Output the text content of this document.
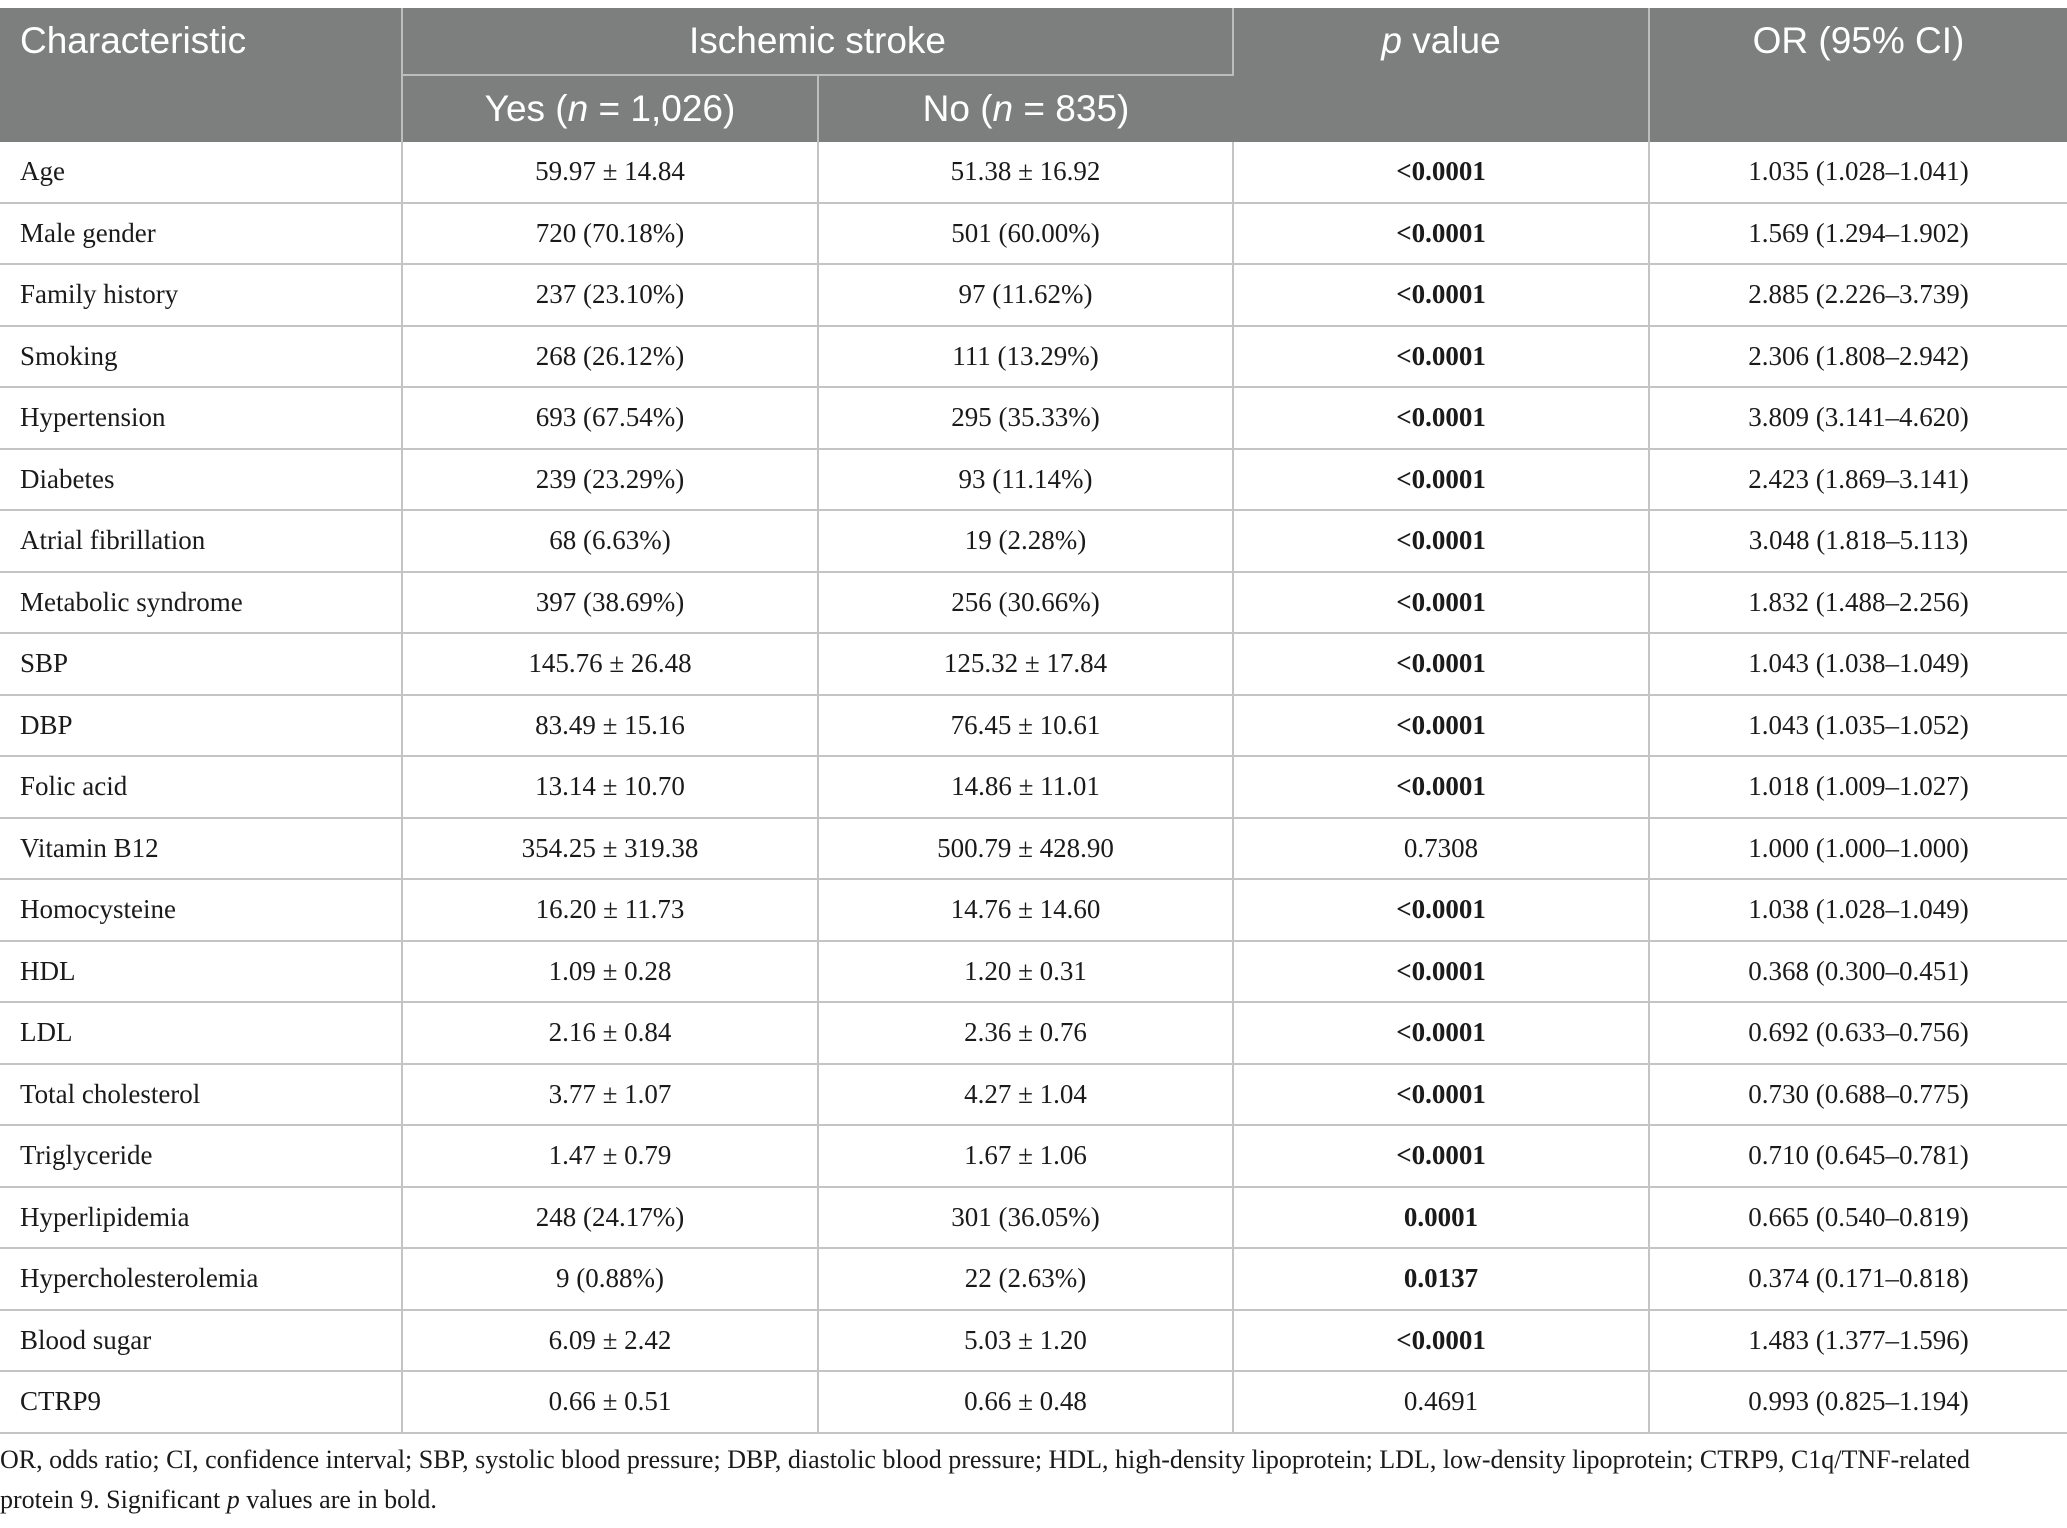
Characteristic	Ischemic stroke		p value	OR (95% CI)
	Yes (n = 1,026)	No (n = 835)		
Age	59.97 ± 14.84	51.38 ± 16.92	<0.0001	1.035 (1.028–1.041)
Male gender	720 (70.18%)	501 (60.00%)	<0.0001	1.569 (1.294–1.902)
Family history	237 (23.10%)	97 (11.62%)	<0.0001	2.885 (2.226–3.739)
Smoking	268 (26.12%)	111 (13.29%)	<0.0001	2.306 (1.808–2.942)
Hypertension	693 (67.54%)	295 (35.33%)	<0.0001	3.809 (3.141–4.620)
Diabetes	239 (23.29%)	93 (11.14%)	<0.0001	2.423 (1.869–3.141)
Atrial fibrillation	68 (6.63%)	19 (2.28%)	<0.0001	3.048 (1.818–5.113)
Metabolic syndrome	397 (38.69%)	256 (30.66%)	<0.0001	1.832 (1.488–2.256)
SBP	145.76 ± 26.48	125.32 ± 17.84	<0.0001	1.043 (1.038–1.049)
DBP	83.49 ± 15.16	76.45 ± 10.61	<0.0001	1.043 (1.035–1.052)
Folic acid	13.14 ± 10.70	14.86 ± 11.01	<0.0001	1.018 (1.009–1.027)
Vitamin B12	354.25 ± 319.38	500.79 ± 428.90	0.7308	1.000 (1.000–1.000)
Homocysteine	16.20 ± 11.73	14.76 ± 14.60	<0.0001	1.038 (1.028–1.049)
HDL	1.09 ± 0.28	1.20 ± 0.31	<0.0001	0.368 (0.300–0.451)
LDL	2.16 ± 0.84	2.36 ± 0.76	<0.0001	0.692 (0.633–0.756)
Total cholesterol	3.77 ± 1.07	4.27 ± 1.04	<0.0001	0.730 (0.688–0.775)
Triglyceride	1.47 ± 0.79	1.67 ± 1.06	<0.0001	0.710 (0.645–0.781)
Hyperlipidemia	248 (24.17%)	301 (36.05%)	0.0001	0.665 (0.540–0.819)
Hypercholesterolemia	9 (0.88%)	22 (2.63%)	0.0137	0.374 (0.171–0.818)
Blood sugar	6.09 ± 2.42	5.03 ± 1.20	<0.0001	1.483 (1.377–1.596)
CTRP9	0.66 ± 0.51	0.66 ± 0.48	0.4691	0.993 (0.825–1.194)
OR, odds ratio; CI, confidence interval; SBP, systolic blood pressure; DBP, diastolic blood pressure; HDL, high-density lipoprotein; LDL, low-density lipoprotein; CTRP9, C1q/TNF-related protein 9. Significant p values are in bold.
